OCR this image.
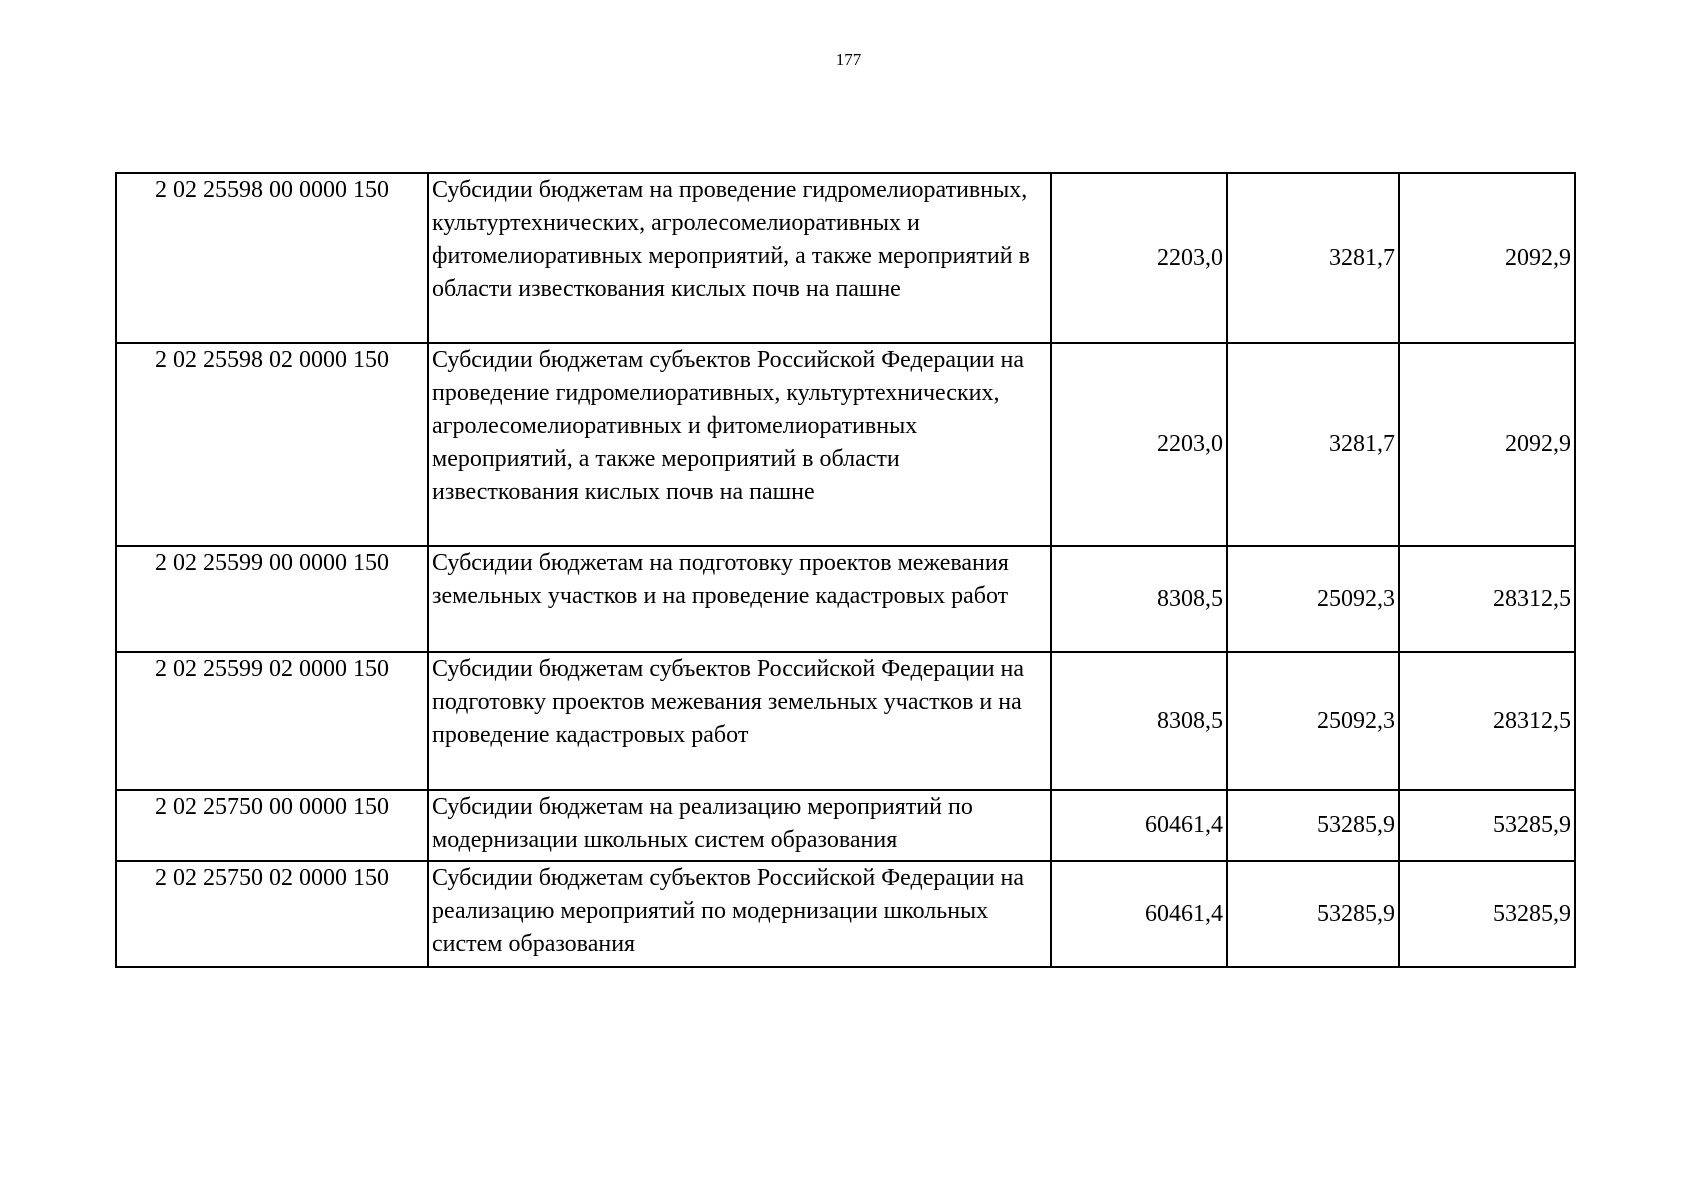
177
2 02 25598 00 0000 150	Субсидии бюджетам на проведение гидромелиоративных, культуртехнических, агролесомелиоративных и фитомелиоративных мероприятий, а также мероприятий в области известкования кислых почв на пашне	2203,0	3281,7	2092,9
2 02 25598 02 0000 150	Субсидии бюджетам субъектов Российской Федерации на проведение гидромелиоративных, культуртехнических, агролесомелиоративных и фитомелиоративных мероприятий, а также мероприятий в области известкования кислых почв на пашне	2203,0	3281,7	2092,9
2 02 25599 00 0000 150	Субсидии бюджетам на подготовку проектов межевания земельных участков и на проведение кадастровых работ	8308,5	25092,3	28312,5
2 02 25599 02 0000 150	Субсидии бюджетам субъектов Российской Федерации на подготовку проектов межевания земельных участков и на проведение кадастровых работ	8308,5	25092,3	28312,5
2 02 25750 00 0000 150	Субсидии бюджетам на реализацию мероприятий по модернизации школьных систем образования	60461,4	53285,9	53285,9
2 02 25750 02 0000 150	Субсидии бюджетам субъектов Российской Федерации на реализацию мероприятий по модернизации школьных систем образования	60461,4	53285,9	53285,9
